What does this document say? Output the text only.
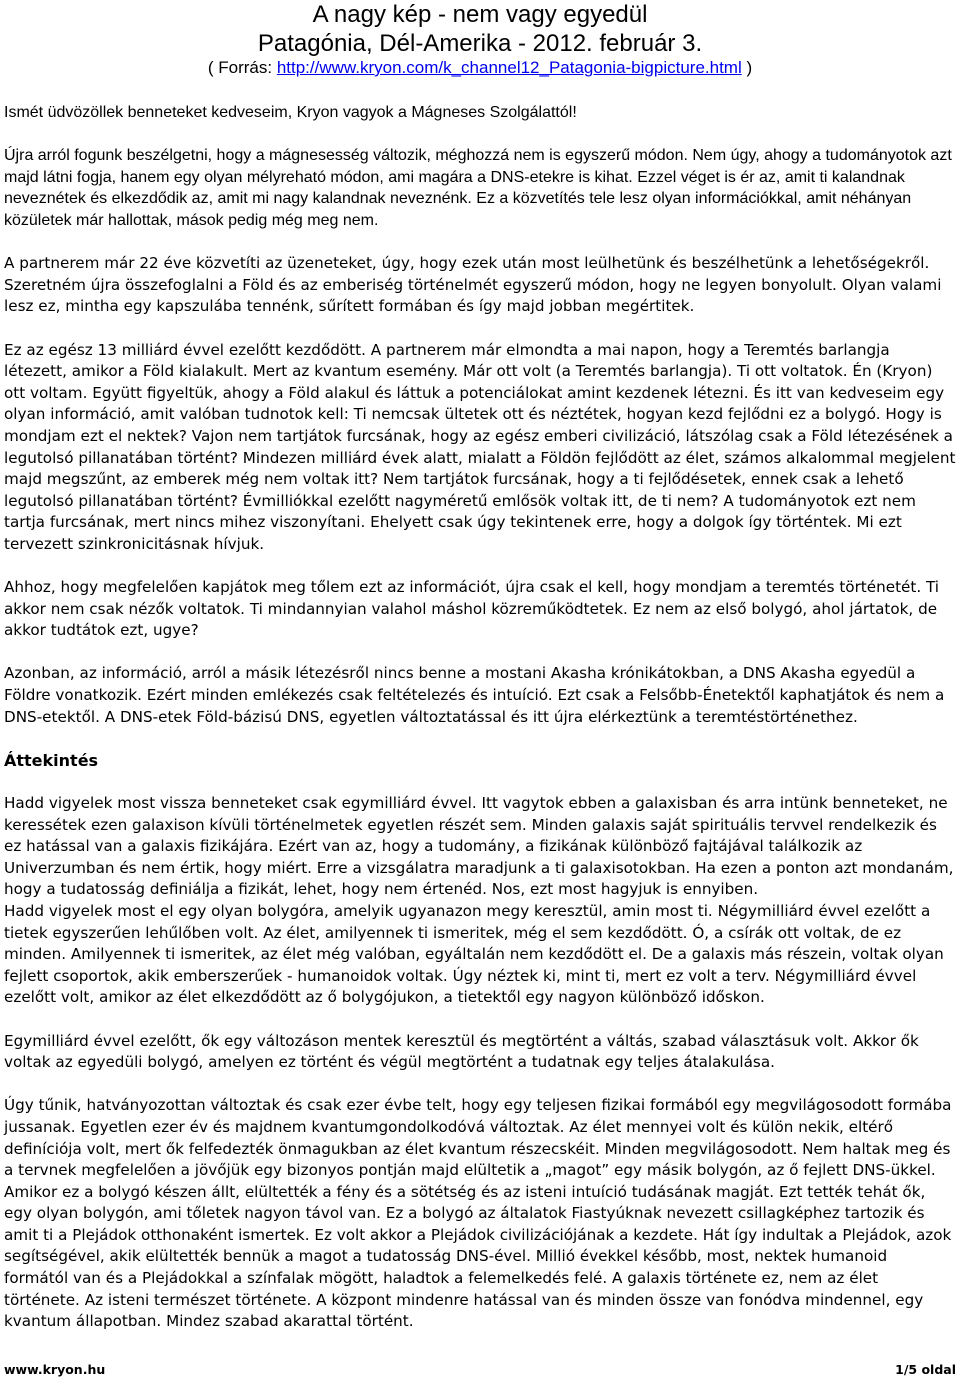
A nagy kép - nem vagy egyedül
Patagónia, Dél-Amerika - 2012. február 3.
( Forrás: http://www.kryon.com/k_channel12_Patagonia-bigpicture.html )

Ismét üdvözöllek benneteket kedveseim, Kryon vagyok a Mágneses Szolgálattól!

Újra arról fogunk beszélgetni, hogy a mágnesesség változik, méghozzá nem is egyszerű módon. Nem úgy, ahogy a tudományotok azt majd látni fogja, hanem egy olyan mélyreható módon, ami magára a DNS-etekre is kihat. Ezzel véget is ér az, amit ti kalandnak neveznétek és elkezdődik az, amit mi nagy kalandnak neveznénk. Ez a közvetítés tele lesz olyan információkkal, amit néhányan közületek már hallottak, mások pedig még meg nem.

A partnerem már 22 éve közvetíti az üzeneteket, úgy, hogy ezek után most leülhetünk és beszélhetünk a lehetőségekről. Szeretném újra összefoglalni a Föld és az emberiség történelmét egyszerű módon, hogy ne legyen bonyolult. Olyan valami lesz ez, mintha egy kapszulába tennénk, sűrített formában és így majd jobban megértitek.

Ez az egész 13 milliárd évvel ezelőtt kezdődött. A partnerem már elmondta a mai napon, hogy a Teremtés barlangja létezett, amikor a Föld kialakult. Mert az kvantum esemény. Már ott volt (a Teremtés barlangja). Ti ott voltatok. Én (Kryon) ott voltam. Együtt figyeltük, ahogy a Föld alakul és láttuk a potenciálokat amint kezdenek létezni. És itt van kedveseim egy olyan információ, amit valóban tudnotok kell: Ti nemcsak ültetek ott és néztétek, hogyan kezd fejlődni ez a bolygó. Hogy is mondjam ezt el nektek? Vajon nem tartjátok furcsának, hogy az egész emberi civilizáció, látszólag csak a Föld létezésének a legutolsó pillanatában történt? Mindezen milliárd évek alatt, mialatt a Földön fejlődött az élet, számos alkalommal megjelent majd megszűnt, az emberek még nem voltak itt? Nem tartjátok furcsának, hogy a ti fejlődésetek, ennek csak a lehető legutolsó pillanatában történt? Évmilliókkal ezelőtt nagyméretű emlősök voltak itt, de ti nem? A tudományotok ezt nem tartja furcsának, mert nincs mihez viszonyítani. Ehelyett csak úgy tekintenek erre, hogy a dolgok így történtek. Mi ezt tervezett szinkronicitásnak hívjuk.

Ahhoz, hogy megfelelően kapjátok meg tőlem ezt az információt, újra csak el kell, hogy mondjam a teremtés történetét. Ti akkor nem csak nézők voltatok. Ti mindannyian valahol máshol közreműködtetek. Ez nem az első bolygó, ahol jártatok, de akkor tudtátok ezt, ugye?

Azonban, az információ, arról a másik létezésről nincs benne a mostani Akasha krónikátokban, a DNS Akasha egyedül a Földre vonatkozik. Ezért minden emlékezés csak feltételezés és intuíció. Ezt csak a Felsőbb-Énetektől kaphatjátok és nem a DNS-etektől. A DNS-etek Föld-bázisú DNS, egyetlen változtatással és itt újra elérkeztünk a teremtéstörténethez.

Áttekintés

Hadd vigyelek most vissza benneteket csak egymilliárd évvel. Itt vagytok ebben a galaxisban és arra intünk benneteket, ne keressétek ezen galaxison kívüli történelmetek egyetlen részét sem. Minden galaxis saját spirituális tervvel rendelkezik és ez hatással van a galaxis fizikájára. Ezért van az, hogy a tudomány, a fizikának különböző fajtájával találkozik az Univerzumban és nem értik, hogy miért. Erre a vizsgálatra maradjunk a ti galaxisotokban. Ha ezen a ponton azt mondanám, hogy a tudatosság definiálja a fizikát, lehet, hogy nem értenéd. Nos, ezt most hagyjuk is ennyiben.

Hadd vigyelek most el egy olyan bolygóra, amelyik ugyanazon megy keresztül, amin most ti. Négymilliárd évvel ezelőtt a tietek egyszerűen lehűlőben volt. Az élet, amilyennek ti ismeritek, még el sem kezdődött. Ó, a csírák ott voltak, de ez minden. Amilyennek ti ismeritek, az élet még valóban, egyáltalán nem kezdődött el. De a galaxis más részein, voltak olyan fejlett csoportok, akik emberszerűek - humanoidok voltak. Úgy néztek ki, mint ti, mert ez volt a terv. Négymilliárd évvel ezelőtt volt, amikor az élet elkezdődött az ő bolygójukon, a tietektől egy nagyon különböző időskon.

Egymilliárd évvel ezelőtt, ők egy változáson mentek keresztül és megtörtént a váltás, szabad választásuk volt. Akkor ők voltak az egyedüli bolygó, amelyen ez történt és végül megtörtént a tudatnak egy teljes átalakulása.

Úgy tűnik, hatványozottan változtak és csak ezer évbe telt, hogy egy teljesen fizikai formából egy megvilágosodott formába jussanak. Egyetlen ezer év és majdnem kvantumgondolkodóvá változtak. Az élet mennyei volt és külön nekik, eltérő definíciója volt, mert ők felfedezték önmagukban az élet kvantum részecskéit. Minden megvilágosodott. Nem haltak meg és a tervnek megfelelően a jövőjük egy bizonyos pontján majd elültetik a „magot” egy másik bolygón, az ő fejlett DNS-ükkel. Amikor ez a bolygó készen állt, elültették a fény és a sötétség és az isteni intuíció tudásának magját. Ezt tették tehát ők, egy olyan bolygón, ami tőletek nagyon távol van. Ez a bolygó az általatok Fiastyúknak nevezett csillagképhez tartozik és amit ti a Plejádok otthonaként ismertek. Ez volt akkor a Plejádok civilizációjának a kezdete. Hát így indultak a Plejádok, azok segítségével, akik elültették bennük a magot a tudatosság DNS-ével. Millió évekkel később, most, nektek humanoid formától van és a Plejádokkal a színfalak mögött, haladtok a felemelkedés felé. A galaxis története ez, nem az élet története. Az isteni természet története. A központ mindenre hatással van és minden össze van fonódva mindennel, egy kvantum állapotban. Mindez szabad akarattal történt.

www.kryon.hu	1/5 oldal
